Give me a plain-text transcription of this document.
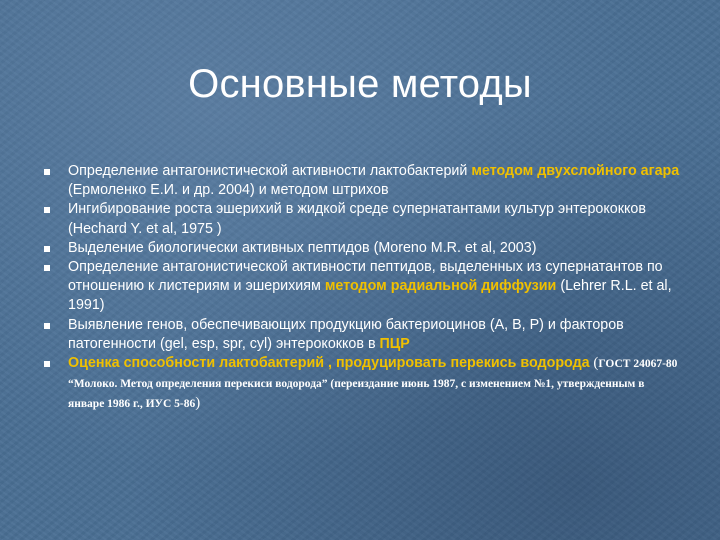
Основные методы
Определение антагонистической активности лактобактерий методом двухслойного агара (Ермоленко Е.И. и др. 2004) и методом штрихов
Ингибирование роста эшерихий в жидкой среде супернатантами культур энтерококков (Hechard Y. et al, 1975 )
Выделение биологически активных пептидов (Moreno M.R. et al, 2003)
Определение антагонистической активности пептидов, выделенных из супернатантов по отношению к листериям и эшерихиям методом радиальной диффузии (Lehrer R.L. et al, 1991)
Выявление генов, обеспечивающих продукцию бактериоцинов (А, В, Р) и факторов патогенности (gel, esp, spr, cyl) энтерококков в ПЦР
Оценка способности лактобактерий , продуцировать перекись водорода (ГОСТ 24067-80 “Молоко. Метод определения перекиси водорода” (переиздание июнь 1987, с изменением №1, утвержденным в январе 1986 г., ИУС 5-86)
